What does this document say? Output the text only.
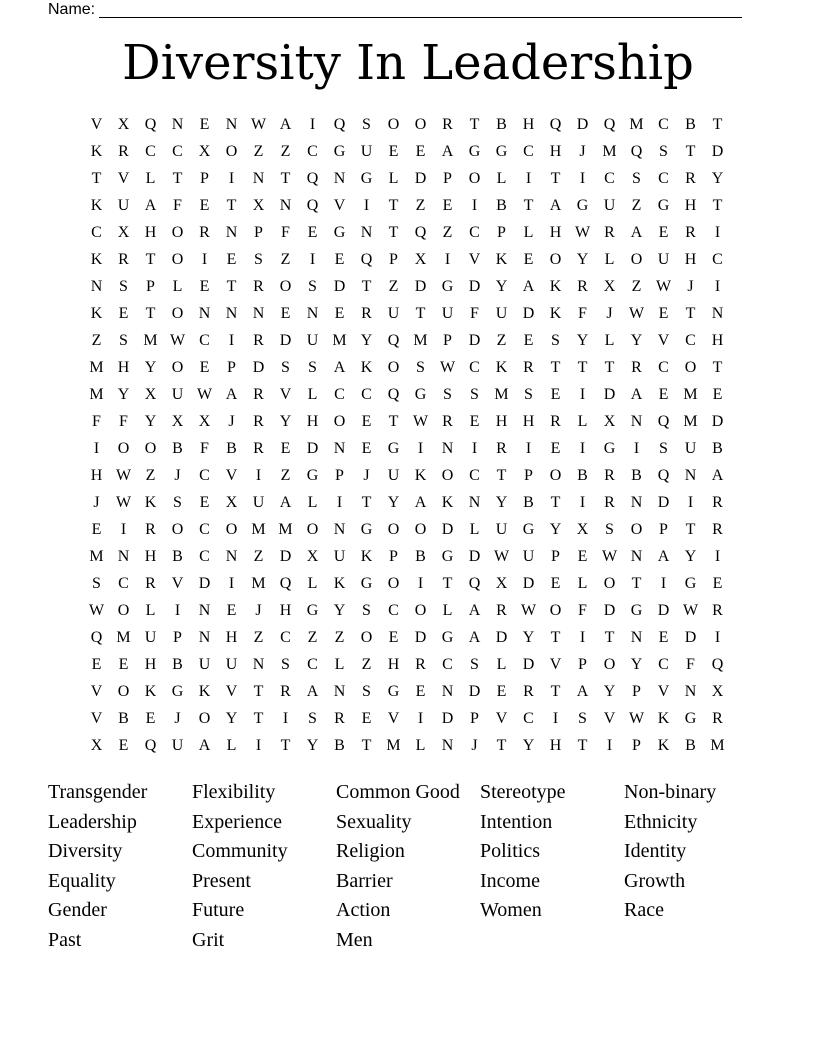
Name:
Diversity In Leadership
V X Q N	E	N W A	I	Q	S	O O R	T	B H Q D Q M C	B	T
K R	C	C X O	Z	Z	C G U	E	E	A G G C H	J	M Q	S	T	D
T	V	L	T	P	I	N	T	Q N G	L	D	P	O	L	I	T	I	C	S	C	R Y
K U A	F	E	T	X N Q V	I	T	Z	E	I	B	T	A G U	Z	G H	T
C X H O R N	P	F	E	G N	T	Q	Z	C	P	L	H W R A	E	R	I
K R	T	O	I	E	S	Z	I	E	Q	P	X	I	V K	E	O Y	L	O U H C
N	S	P	L	E	T	R O	S	D	T	Z	D G D Y A K R X	Z W	J	I
K	E	T	O N N N	E	N	E	R U	T	U	F	U D K	F	J	W E	T	N
Z	S M W C	I	R D U M Y Q M P	D	Z	E	S	Y	L	Y V C H
M H Y O	E	P	D	S	S	A K O	S W C K R	T	T	T	R	C O	T
M Y X U W A R V	L	C	C Q G	S	S M S	E	I	D A	E M E
F	F	Y X X	J	R Y H O	E	T W R	E	H H R	L	X N Q M D
I	O O B	F	B	R	E	D N	E	G	I	N	I	R	I	E	I	G	I	S	U B
H W Z	J	C V	I	Z	G	P	J	U K O C	T	P	O B	R	B Q N A
J	W K	S	E	X U A	L	I	T	Y A K N Y B	T	I	R N D	I	R
E	I	R O C O M M O N G O O D	L	U G Y X	S	O	P	T	R
M N H B	C N	Z	D X U K	P	B G D W U	P	E W N A Y	I
S	C	R V D	I	M Q	L	K G O	I	T	Q X D	E	L	O	T	I	G	E
W O	L	I	N	E	J	H G Y	S	C O	L	A R W O	F	D G D W R
Q M U	P	N H	Z	C	Z	Z	O	E	D G A D Y	T	I	T	N	E	D	I
E	E	H B U U N	S	C	L	Z	H R	C	S	L	D V	P	O Y C	F	Q
V O K G K V	T	R A N	S	G	E	N D	E	R	T	A Y	P	V N X
V B	E	J	O Y	T	I	S	R	E	V	I	D	P	V C	I	S	V W K G R
X	E	Q U A	L	I	T	Y B	T M L	N	J	T	Y H	T	I	P	K B M
Transgender	Flexibility	Common Good	Stereotype	Non-binary
Leadership	Experience	Sexuality	Intention	Ethnicity
Diversity	Community	Religion	Politics	Identity
Equality	Present	Barrier	Income	Growth
Gender	Future	Action	Women	Race
Past	Grit	Men
